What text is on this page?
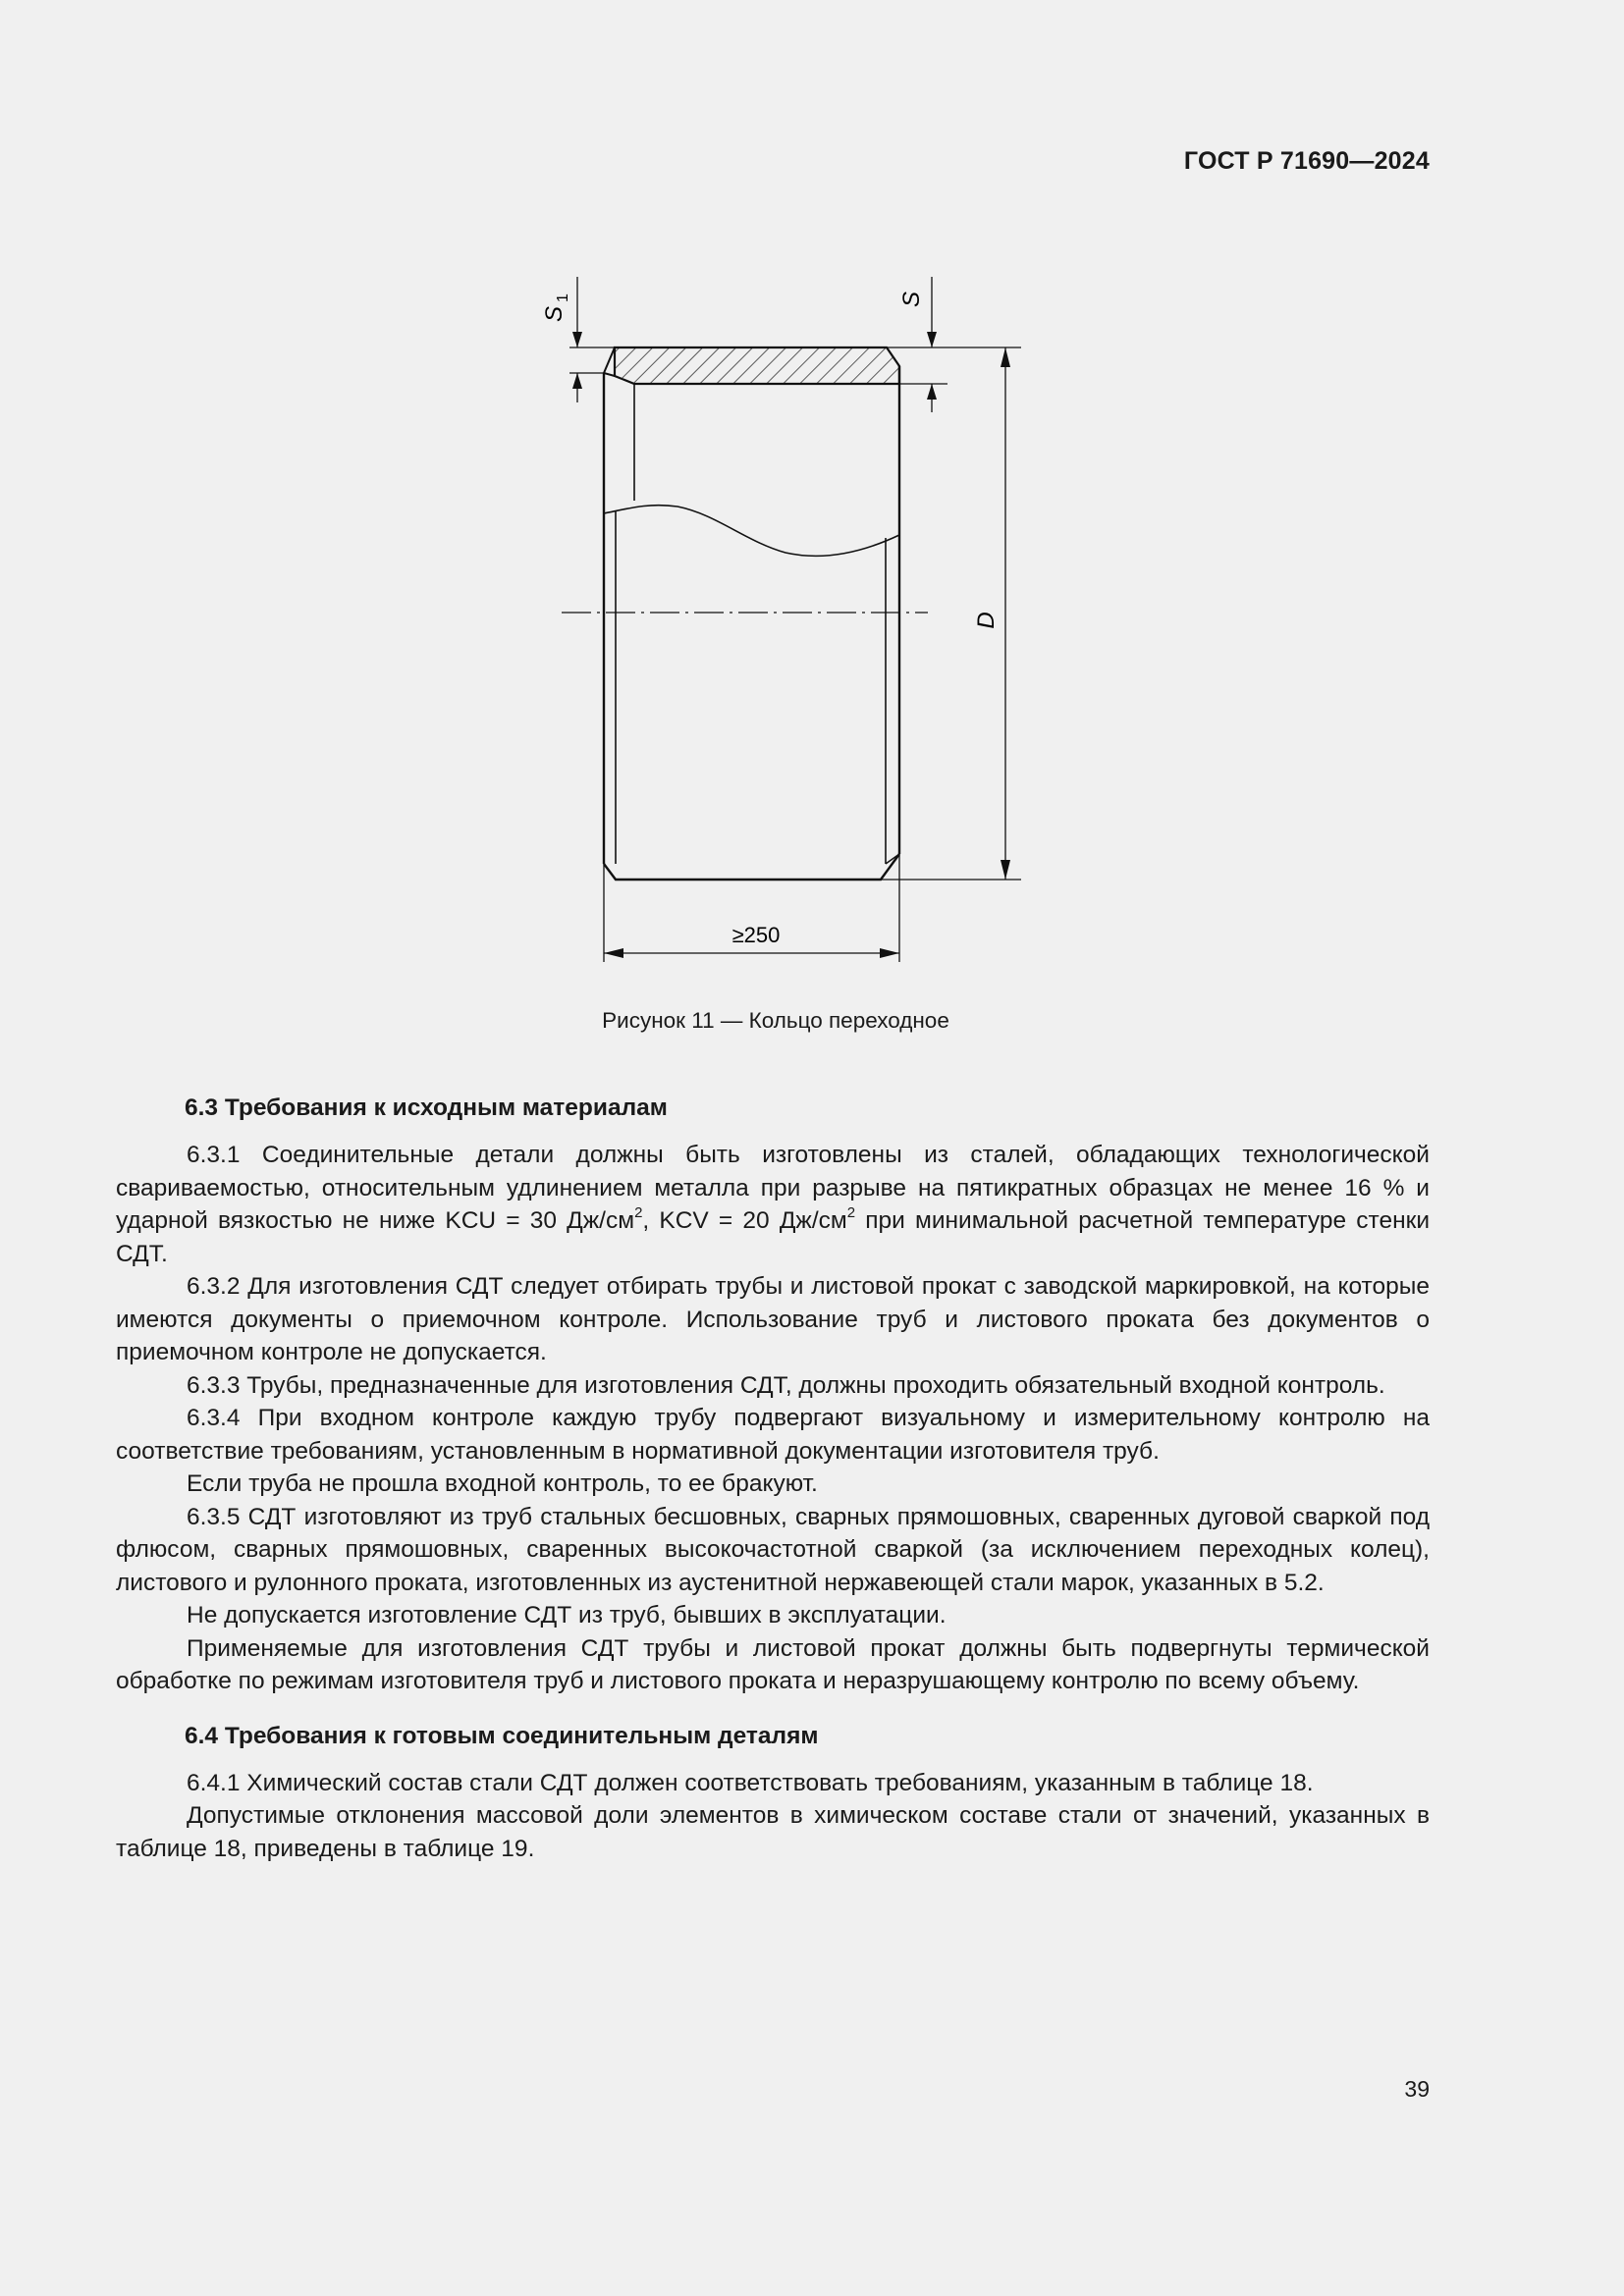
ГОСТ Р 71690—2024
S
1	S
D
≥250
Рисунок 11 — Кольцо переходное
6.3 Требования к исходным материалам

6.3.1 Соединительные детали должны быть изготовлены из сталей, обладающих технологической свариваемостью, относительным удлинением металла при разрыве на пятикратных образцах не менее 16 % и ударной вязкостью не ниже KCU = 30 $Дж/см^2$, KCV = 20 $Дж/см^2$ при минимальной расчетной температуре стенки СДТ.

6.3.2 Для изготовления СДТ следует отбирать трубы и листовой прокат с заводской маркировкой, на которые имеются документы о приемочном контроле. Использование труб и листового проката без документов о приемочном контроле не допускается.

6.3.3 Трубы, предназначенные для изготовления СДТ, должны проходить обязательный входной контроль.

6.3.4 При входном контроле каждую трубу подвергают визуальному и измерительному контролю на соответствие требованиям, установленным в нормативной документации изготовителя труб.

Если труба не прошла входной контроль, то ее бракуют.

6.3.5 СДТ изготовляют из труб стальных бесшовных, сварных прямошовных, сваренных дуговой сваркой под флюсом, сварных прямошовных, сваренных высокочастотной сваркой (за исключением переходных колец), листового и рулонного проката, изготовленных из аустенитной нержавеющей стали марок, указанных в 5.2.

Не допускается изготовление СДТ из труб, бывших в эксплуатации.

Применяемые для изготовления СДТ трубы и листовой прокат должны быть подвергнуты термической обработке по режимам изготовителя труб и листового проката и неразрушающему контролю по всему объему.

6.4 Требования к готовым соединительным деталям

6.4.1 Химический состав стали СДТ должен соответствовать требованиям, указанным в таблице 18.

Допустимые отклонения массовой доли элементов в химическом составе стали от значений, указанных в таблице 18, приведены в таблице 19.

39
